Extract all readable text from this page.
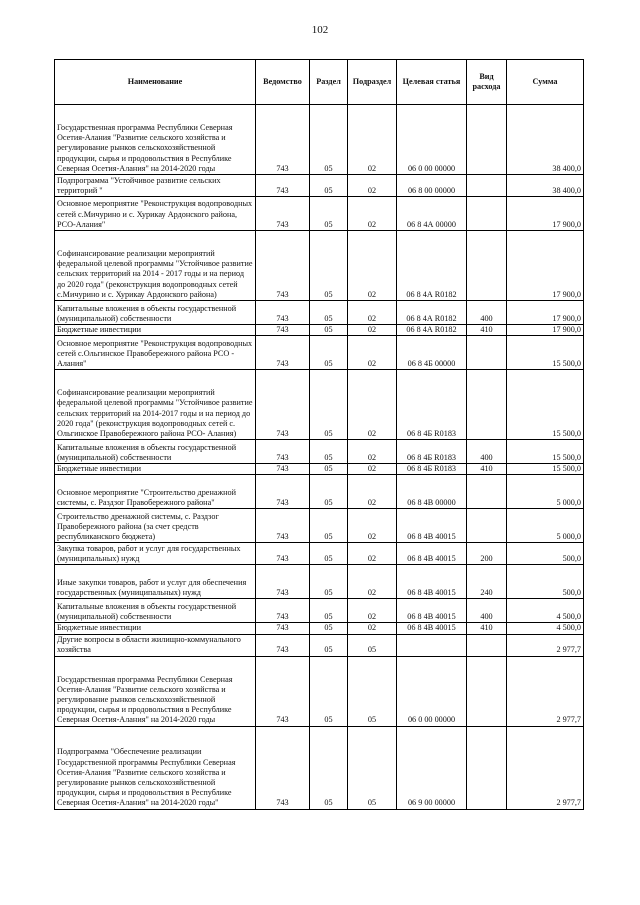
102
Наименование	Ведомство	Раздел	Подраздел	Целевая статья	Вид расхода	Сумма
Государственная программа Республики Северная Осетия-Алания "Развитие сельского хозяйства и регулирование рынков сельскохозяйственной продукции, сырья и продовольствия в Республике Северная Осетия-Алания" на 2014-2020 годы	743	05	02	06 0 00 00000		38 400,0
Подпрограмма "Устойчивое развитие сельских территорий "	743	05	02	06 8 00 00000		38 400,0
Основное мероприятие "Реконструкция водопроводных сетей с.Мичурино и с. Хурикау Ардонского района, РСО-Алания"	743	05	02	06 8 4А 00000		17 900,0
Софинансирование реализации мероприятий федеральной целевой программы "Устойчивое развитие сельских территорий на 2014 - 2017 годы и на период до 2020 года" (реконструкция водопроводных сетей с.Мичурино и с. Хурикау Ардонского района)	743	05	02	06 8 4А R0182		17 900,0
Капитальные вложения в объекты государственной (муниципальной) собственности	743	05	02	06 8 4А R0182	400	17 900,0
Бюджетные инвестиции	743	05	02	06 8 4А R0182	410	17 900,0
Основное мероприятие "Реконструкция водопроводных сетей с.Ольгинское Правобережного района РСО - Алания"	743	05	02	06 8 4Б 00000		15 500,0
Софинансирование реализации мероприятий федеральной целевой программы "Устойчивое развитие сельских территорий на 2014-2017 годы и на период до 2020 года" (реконструкция водопроводных сетей с. Ольгинское Правобережного района РСО- Алания)	743	05	02	06 8 4Б R0183		15 500,0
Капитальные вложения в объекты государственной (муниципальной) собственности	743	05	02	06 8 4Б R0183	400	15 500,0
Бюджетные инвестиции	743	05	02	06 8 4Б R0183	410	15 500,0
Основное мероприятие "Строительство дренажной системы, с. Раздзог Правобережного района"	743	05	02	06 8 4В 00000		5 000,0
Строительство дренажной системы, с. Раздзог Правобережного района (за счет средств республиканского бюджета)	743	05	02	06 8 4В 40015		5 000,0
Закупка товаров, работ и услуг для государственных (муниципальных) нужд	743	05	02	06 8 4В 40015	200	500,0
Иные закупки товаров, работ и услуг для обеспечения государственных (муниципальных) нужд	743	05	02	06 8 4В 40015	240	500,0
Капитальные вложения в объекты государственной (муниципальной) собственности	743	05	02	06 8 4В 40015	400	4 500,0
Бюджетные инвестиции	743	05	02	06 8 4В 40015	410	4 500,0
Другие вопросы в области жилищно-коммунального хозяйства	743	05	05			2 977,7
Государственная программа Республики Северная Осетия-Алания "Развитие сельского хозяйства и регулирование рынков сельскохозяйственной продукции, сырья и продовольствия в Республике Северная Осетия-Алания" на 2014-2020 годы	743	05	05	06 0 00 00000		2 977,7
Подпрограмма "Обеспечение реализации Государственной программы Республики Северная Осетия-Алания "Развитие сельского хозяйства и регулирование рынков сельскохозяйственной продукции, сырья и продовольствия в Республике Северная Осетия-Алания" на 2014-2020 годы"	743	05	05	06 9 00 00000		2 977,7
